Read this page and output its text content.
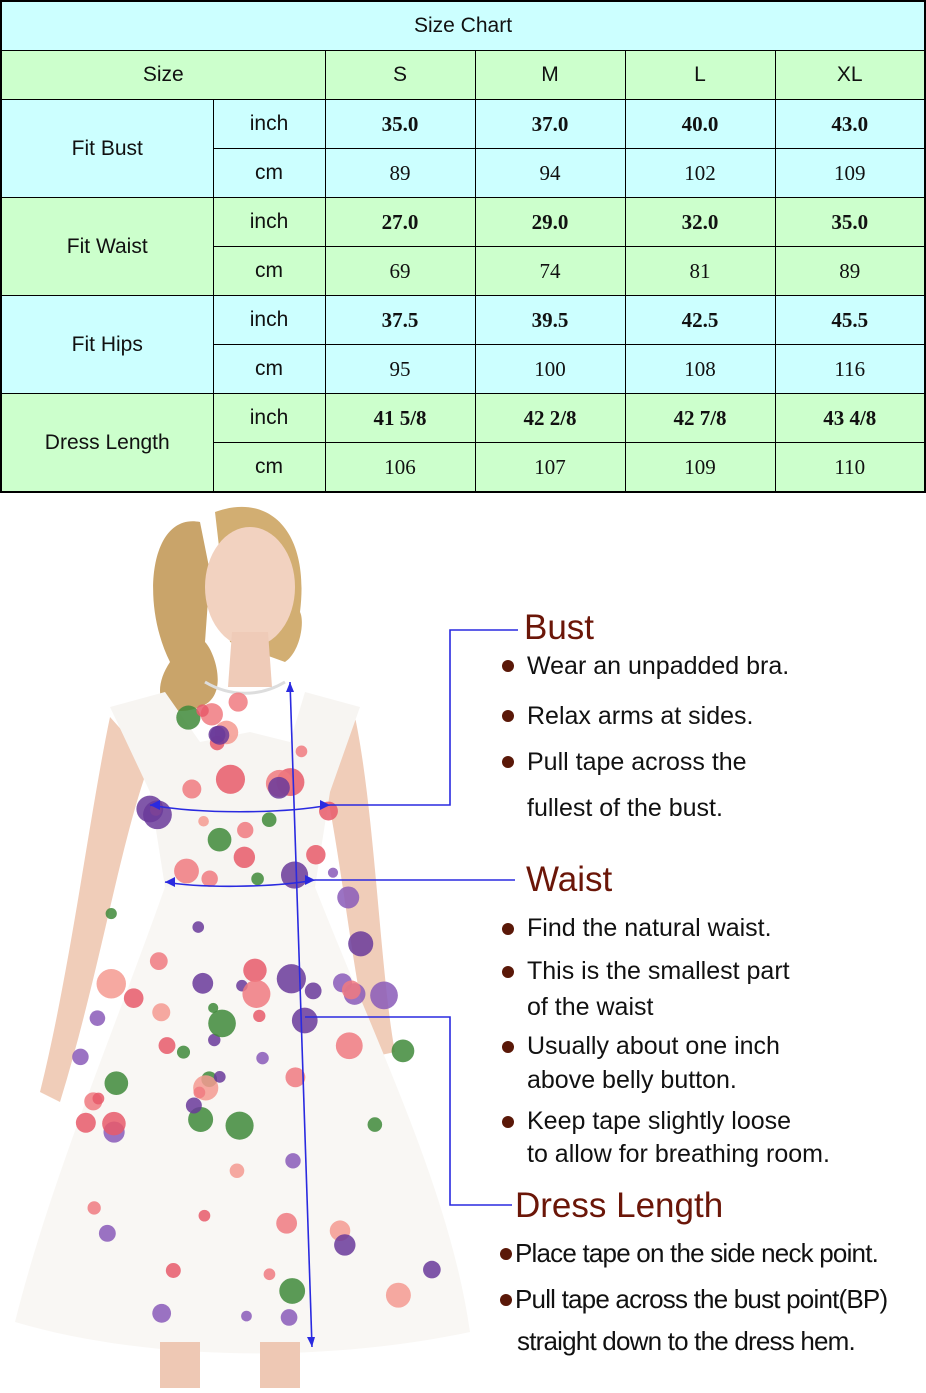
Size Chart					
Size		S	M	L	XL
Fit Bust	inch	35.0	37.0	40.0	43.0
	cm	89	94	102	109
Fit Waist	inch	27.0	29.0	32.0	35.0
	cm	69	74	81	89
Fit Hips	inch	37.5	39.5	42.5	45.5
	cm	95	100	108	116
Dress Length	inch	41 5/8	42 2/8	42 7/8	43 4/8
	cm	106	107	109	110
Bust
Wear an unpadded bra.
Relax arms at sides.
Pull tape across the
fullest of the bust.
Waist
Find the natural waist.
This is the smallest part
of the waist
Usually about one inch
above belly button.
Keep tape slightly loose
to allow for breathing room.
Dress Length
Place tape on the side neck point.
Pull tape across the bust point(BP)
straight down to the dress hem.
